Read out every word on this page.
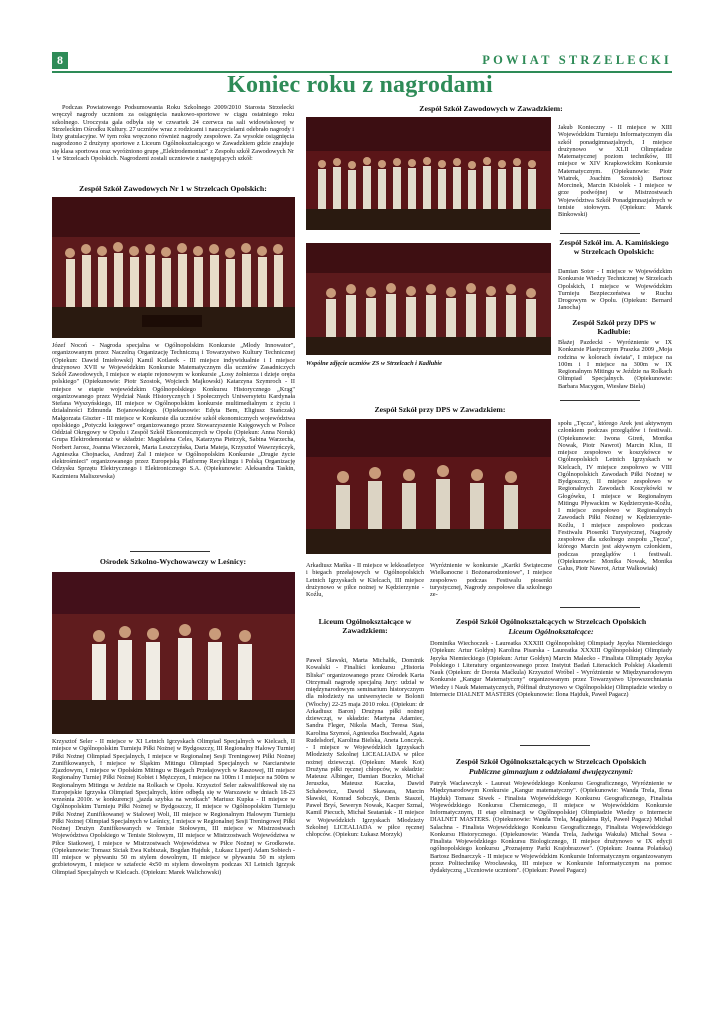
8	POWIAT STRZELECKI
Koniec roku z nagrodami
Podczas Powiatowego Podsumowania Roku Szkolnego 2009/2010 Starosta Strzelecki wręczył nagrody uczniom za osiągnięcia naukowo-sportowe w ciągu ostatniego roku szkolnego. Uroczysta gala odbyła się w czwartek 24 czerwca na sali widowiskowej w Strzeleckim Ośrodku Kultury. 27 uczniów wraz z rodzicami i nauczycielami odebrało nagrody i listy gratulacyjne. W tym roku wręczono również nagrody zespołowe. Za wysokie osiągnięcia nagrodzono 2 drużyny sportowe z Liceum Ogólnokształcącego w Zawadzkiem gdzie znajduje się klasa sportowa oraz wyróżniono grupę „Elektrodemontaż" z Zespołu szkół Zawodowych Nr 1 w Strzelcach Opolskich. Nagrodzeni zostali uczniowie z następujących szkół:
Zespół Szkół Zawodowych Nr 1 w Strzelcach Opolskich:
Józef Nocoń - Nagroda specjalna w Ogólnopolskim Konkursie „Młody Innowator", organizowanym przez Naczelną Organizację Techniczną i Towarzystwo Kultury Technicznej (Opiekun: Dawid Imiełowski) Kamil Kotlarek - III miejsce indywidualnie i I miejsce drużynowo XVII w Wojewódzkim Konkursie Matematycznym dla uczniów Zasadniczych Szkół Zawodowych, I miejsce w etapie rejonowym w konkursie „Losy żołnierza i dzieje oręża polskiego" (Opiekunowie: Piotr Szostok, Wojciech Majkowski) Katarzyna Szymroch - II miejsce w etapie wojewódzkim Ogólnopolskiego Konkursu Historycznego „Krąg" organizowanego przez Wydział Nauk Historycznych i Społecznych Uniwersytetu Kardynała Stefana Wyszyńskiego, III miejsce w Ogólnopolskim konkursie multimedialnym z życiu i działalności Edmunda Bojanowskiego. (Opiekunowie: Edyta Bem, Eligiusz Stańczak) Małgorzata Giszter - III miejsce w Konkursie dla uczniów szkół ekonomicznych województwa opolskiego „Potyczki księgowe" organizowanego przez Stowarzyszenie Księgowych w Polsce Oddział Okręgowy w Opolu i Zespół Szkół Ekonomicznych w Opolu (Opiekun: Anna Noruk) Grupa Elektrodemontaż w składzie: Magdalena Celes, Katarzyna Pietrzyk, Sabina Warzecha, Norbert Jarosz, Joanna Wieczorek, Marta Leszczyńska, Daria Mateja, Krzysztof Wawrzyńczyk, Agnieszka Chojnacka, Andrzej Żal I miejsce w Ogólnopolskim Konkursie „Drugie życie elektrośmieci" organizowanego przez Europejską Platformę Recyklingu i Polską Organizację Odzysku Sprzętu Elektrycznego i Elektronicznego S.A. (Opiekunowie: Aleksandra Taskin, Kazimiera Maliszewska)
Ośrodek Szkolno-Wychowawczy w Leśnicy:
Krzysztof Seler - II miejsce w XI Letnich Igrzyskach Olimpiad Specjalnych w Kielcach, II miejsce w Ogólnopolskim Turnieju Piłki Nożnej w Bydgoszczy, III Regionalny Halowy Turniej Piłki Nożnej Olimpiad Specjalnych, I miejsce w Regionalnej Sesji Treningowej Piłki Nożnej Zunifikowanych, I miejsce w Śląskim Mitingu Olimpiad Specjalnych w Narciarstwie Zjazdowym, I miejsce w Opolskim Mitingu w Biegach Przełajowych w Raszowej, III miejsce Regionalny Turniej Piłki Nożnej Kobiet i Mężczyzn, I miejsce na 100m i I miejsce na 500m w Regionalnym Mitingu w Jeżdzie na Rolkach w Opolu. Krzysztof Seler zakwalifikował się na Europejskie Igrzyska Olimpiad Specjalnych, które odbędą się w Warszawie w dniach 18-23 września 2010r. w konkurencji „jazda szybka na wrotkach" Mariusz Kupka - II miejsce w Ogólnopolskim Turnieju Piłki Nożnej w Bydgoszczy, II miejsce w Ogólnopolskim Turnieju Piłki Nożnej Zunifikowanej w Stalowej Woli, III miejsce w Regionalnym Halowym Turnieju Piłki Nożnej Olimpiad Specjalnych w Leśnicy, I miejsce w Regionalnej Sesji Treningowej Piłki Nożnej Drużyn Zunifikowanych w Tenisie Stołowym, III miejsce w Mistrzostwach Województwa Opolskiego w Tenisie Stołowym, III miejsce w Mistrzostwach Województwa w Piłce Siatkowej, I miejsce w Mistrzostwach Województwa w Piłce Nożnej w Grodkowie. (Opiekunowie: Tomasz Siciak Ewa Kubiszak, Bogdan Hajduk , Łukasz Lipert) Adam Sobiech - III miejsce w pływaniu 50 m stylem dowolnym, II miejsce w pływaniu 50 m stylem grzbietowym, I miejsce w sztafecie 4x50 m stylem dowolnym podczas XI Letnich Igrzysk Olimpiad Specjalnych w Kielcach. (Opiekun: Marek Walichowski)
Zespół Szkół Zawodowych w Zawadzkiem:
Jakub Konieczny - II miejsce w XIII Wojewódzkim Turnieju Informatycznym dla szkół ponadgimnazjalnych, I miejsce drużynowo w XLII Olimpiadzie Matematycznej poziom techników, III miejsce w XIV Krapkowickim Konkursie Matematycznym. (Opiekunowie: Piotr Wiatrek, Joachim Szostok) Bartosz Morcinek, Marcin Kisiolek - I miejsce w grze podwójnej w Mistrzostwach Województwa Szkół Ponadgimnazjalnych w tenisie stołowym. (Opiekun: Marek Binkowski)
Zespół Szkół im. A. Kamińskiego w Strzelcach Opolskich:
Damian Sotor - I miejsce w Wojewódzkim Konkursie Wiedzy Technicznej w Strzelcach Opolskich, I miejsce w Wojewódzkim Turnieju Bezpieczeństwa w Ruchu Drogowym w Opolu. (Opiekun: Bernard Janocha)
Zespół Szkół przy DPS w Kadłubie:
Błażej Pazdecki - Wyróżnienie w IX Konkursie Plastycznym Praszka 2009 „Moja rodzina w kolorach świata", I miejsce na 100m i I miejsce na 300m w IX Regionalnym Mitingu w Jeździe na Rolkach Olimpiad Specjalnych. (Opiekunowie: Barbara Macygon, Wiesław Biela)
Wspólne zdjęcie uczniów ZS w Strzelcach i Kadłubie
Zespół Szkół przy DPS w Zawadzkiem:
Arkadiusz Mańka - II miejsce w lekkoatletyce i biegach przełajowych w Ogólnopolskich Letnich Igrzyskach w Kielcach, III miejsce drużynowo w piłce nożnej w Kędzierzynie -Koźlu,
Wyróżnienie w konkursie „Kartki Świąteczne Wielkanocne i Bożonarodzeniowe", I miejsce zespołowo podczas Festiwalu piosenki turystycznej, Nagrody zespołowe dla szkolnego ze-
społu „Tęcza", którego Arek jest aktywnym członkiem podczas przeglądów i festiwali. (Opiekunowie: Iwona Gireń, Monika Nowak, Piotr Nawrot) Marcin Klus, II miejsce zespołowo w koszykówce w Ogólnopolskich Letnich Igrzyskach w Kielcach, IV miejsce zespołowo w VIII Ogólnopolskich Zawodach Piłki Nożnej w Bydgoszczy, II miejsce zespołowo w Regionalnych Zawodach Koszykówki w Głogówku, I miejsce w Regionalnym Mitingu Pływackim w Kędzierzynie-Koźlu, I miejsce zespołowo w Regionalnych Zawodach Piłki Nożnej w Kędzierzynie-Koźlu, I miejsce zespołowo podczas Festiwalu Piosenki Turystycznej, Nagrody zespołowe dla szkolnego zespołu „Tęcza", którego Marcin jest aktywnym członkiem, podczas przeglądów i festiwali. (Opiekunowie: Monika Nowak, Monika Galus, Piotr Nawrot, Artur Walkowiak)
Liceum Ogólnokształcące w Zawadzkiem:
Paweł Sławski, Marta Michalik, Dominik Kowalski - Finaliści konkursu „Historia Bliska" organizowanego przez Ośrodek Karta Otrzymali nagrodę specjalną Jury: udział w międzynarodowym seminarium historycznym dla młodzieży na uniwersytecie w Bolonii (Włochy) 22-25 maja 2010 roku. (Opiekun: dr Arkadiusz Baron) Drużyna piłki nożnej dziewcząt, w składzie: Martyna Adamiec, Sandra Fleger, Nikola Mach, Teresa Staś, Karolina Szymoś, Agnieszka Buchwald, Agata Rudelsdorf, Karolina Bielska, Aneta Lonczyk. - I miejsce w Wojewódzkich Igrzyskach Młodzieży Szkolnej LICEALIADA w piłce nożnej dziewcząt. (Opiekun: Marek Kot) Drużyna piłki ręcznej chłopców, w składzie: Mateusz Albinger, Damian Buczko, Michał Jeruszka, Mateusz Kaczka, Dawid Schabowicz, Dawid Skawara, Marcin Sławski, Konrad Sobczyk, Denis Staszel, Paweł Bryś, Seweryn Nowak, Kacper Szmal, Kamil Piecuch, Michał Seataniak - II miejsce w Wojewódzkich Igrzyskach Młodzieży Szkolnej LICEALIADA w piłce ręcznej chłopców. (Opiekun: Łukasz Morzyk)
Zespół Szkół Ogólnokształcących w Strzelcach Opolskich
Liceum Ogólnokształcące:
Dominika Wiechoczek - Laureatka XXXIII Ogólnopolskiej Olimpiady Języka Niemieckiego (Opiekun: Artur Goldyn) Karolina Pisarska - Laureatka XXXIII Ogólnopolskiej Olimpiady Języka Niemieckiego (Opiekun: Artur Goldyn) Marcin Malecko - Finalista Olimpiady Języka Polskiego i Literatury organizowanego przez Instytut Badań Literackich Polskiej Akademii Nauk (Opiekun: dr Dorota Maćkula) Krzysztof Wróbel - Wyróżnienie w Międzynarodowym Konkursie „Kangur Matematyczny" organizowanym przez Towarzystwo Upowszechniania Wiedzy i Nauk Matematycznych, Półfinał drużynowo w Ogólnopolskiej Olimpiadzie wiedzy o Internecie DIALNET MASTERS (Opiekunowie: Ilona Hajduk, Paweł Pagacz)
Zespół Szkół Ogólnokształcących w Strzelcach Opolskich
Publiczne gimnazjum z oddziałami dwujęzycznymi:
Patryk Waclawczyk - Laureat Wojewódzkiego Konkursu Geograficznego, Wyróżnienie w Międzynarodowym Konkursie „Kangur matematyczny". (Opiekunowie: Wanda Trela, Ilona Hajduk) Tomasz Siwek - Finalista Wojewódzkiego Konkursu Geograficznego, Finalista Wojewódzkiego Konkursu Chemicznego, II miejsce w Wojewódzkim Konkursie Informatycznym, II etap eliminacji w Ogólnopolskiej Olimpiadzie Wiedzy o Internecie DIALNET MASTERS. (Opiekunowie: Wanda Trela, Magdalena Ryl, Paweł Pagacz) Michał Salachna - Finalista Wojewódzkiego Konkursu Geograficznego, Finalista Wojewódzkiego Konkursu Historycznego. (Opiekunowie: Wanda Trela, Jadwiga Wakuła) Michał Sowa - Finalista Wojewódzkiego Konkursu Biologicznego, II miejsce drużynowo w IX edycji ogólnopolskiego konkursu „Poznajemy Parki Krajobrazowe". (Opiekun: Joanna Polańska) Bartosz Bednarczyk - II miejsce w Wojewódzkim Konkursie Informatycznym organizowanym przez Politechnikę Wrocławską, III miejsce w Konkursie Informatycznym na pomoc dydaktyczną „Uczniowie uczniom". (Opiekun: Paweł Pagacz)
